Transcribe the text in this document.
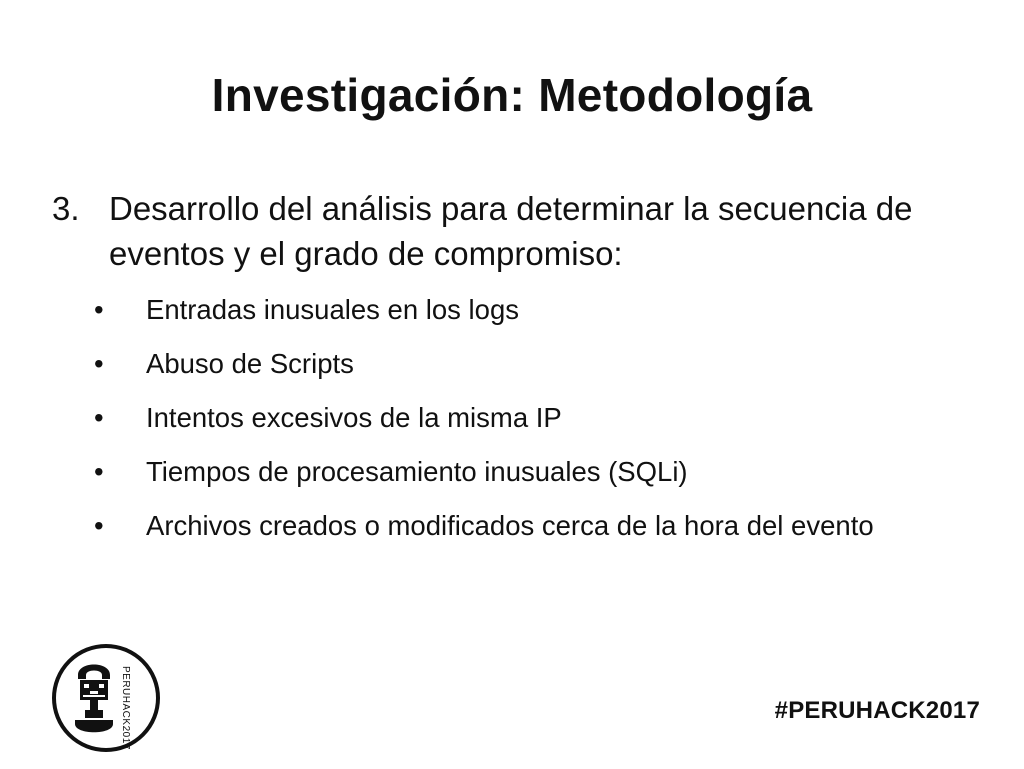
Investigación: Metodología
3. Desarrollo del análisis para determinar la secuencia de eventos y el grado de compromiso:
• Entradas inusuales en los logs
• Abuso de Scripts
• Intentos excesivos de la misma IP
• Tiempos de procesamiento inusuales (SQLi)
• Archivos creados o modificados cerca de la hora del evento
PERUHACK2017	#PERUHACK2017
